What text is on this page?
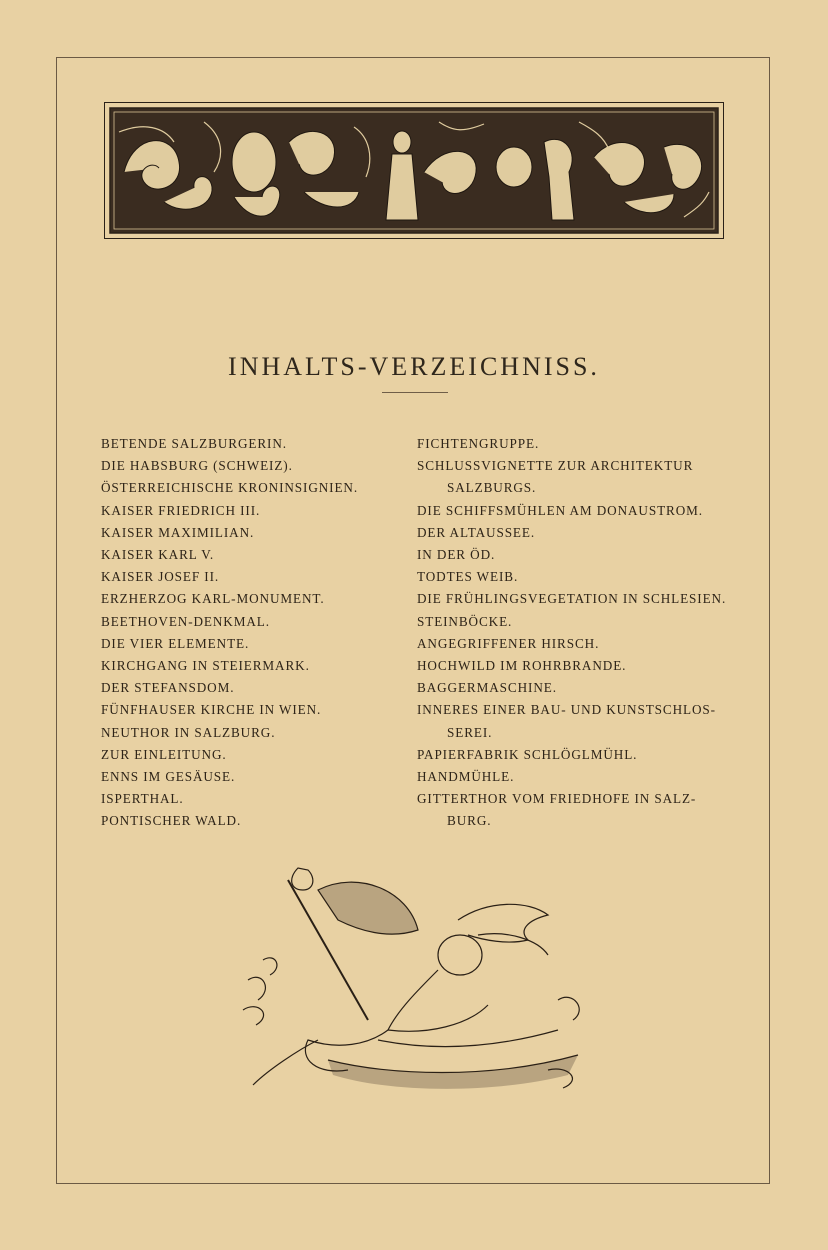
INHALTS-VERZEICHNISS.
BETENDE SALZBURGERIN.
DIE HABSBURG (SCHWEIZ).
ÖSTERREICHISCHE KRONINSIGNIEN.
KAISER FRIEDRICH III.
KAISER MAXIMILIAN.
KAISER KARL V.
KAISER JOSEF II.
ERZHERZOG KARL-MONUMENT.
BEETHOVEN-DENKMAL.
DIE VIER ELEMENTE.
KIRCHGANG IN STEIERMARK.
DER STEFANSDOM.
FÜNFHAUSER KIRCHE IN WIEN.
NEUTHOR IN SALZBURG.
ZUR EINLEITUNG.
ENNS IM GESÄUSE.
ISPERTHAL.
PONTISCHER WALD.
FICHTENGRUPPE.
SCHLUSSVIGNETTE ZUR ARCHITEKTUR
SALZBURGS.
DIE SCHIFFSMÜHLEN AM DONAUSTROM.
DER ALTAUSSEE.
IN DER ÖD.
TODTES WEIB.
DIE FRÜHLINGSVEGETATION IN SCHLESIEN.
STEINBÖCKE.
ANGEGRIFFENER HIRSCH.
HOCHWILD IM ROHRBRANDE.
BAGGERMASCHINE.
INNERES EINER BAU- UND KUNSTSCHLOS-
SEREI.
PAPIERFABRIK SCHLÖGLMÜHL.
HANDMÜHLE.
GITTERTHOR VOM FRIEDHOFE IN SALZ-
BURG.
